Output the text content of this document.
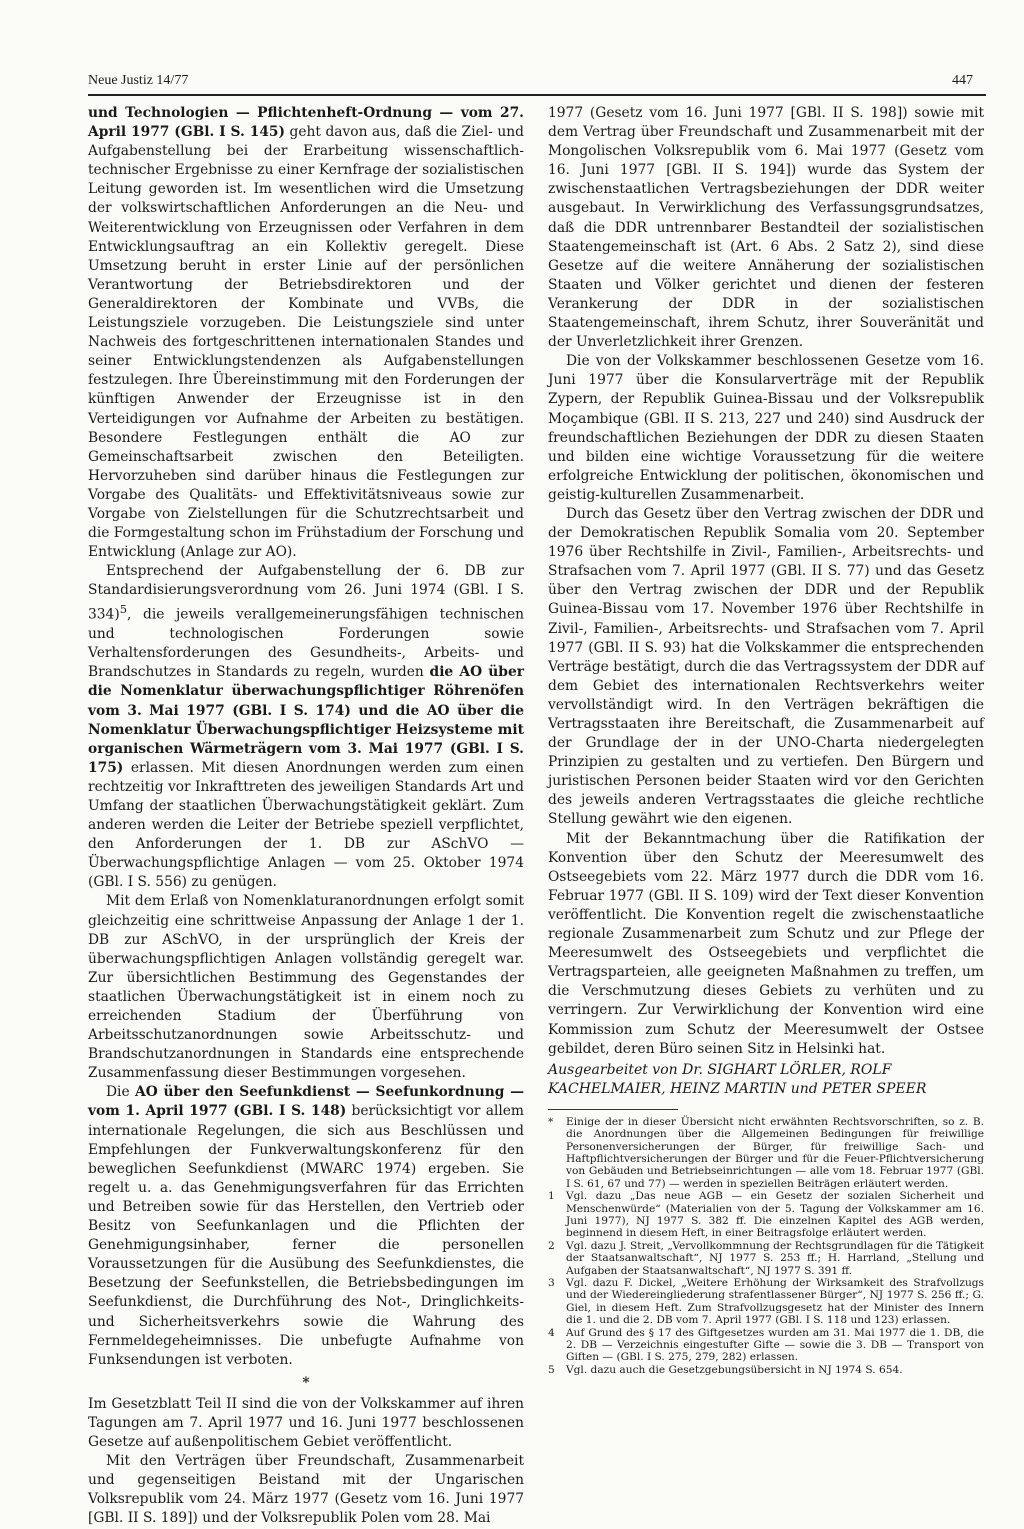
Neue Justiz 14/77	447

und Technologien — Pflichtenheft-Ordnung — vom 27. April 1977 (GBl. I S. 145) geht davon aus, daß die Ziel- und Aufgabenstellung bei der Erarbeitung wissenschaftlich-technischer Ergebnisse zu einer Kernfrage der sozialistischen Leitung geworden ist. Im wesentlichen wird die Umsetzung der volkswirtschaftlichen Anforderungen an die Neu- und Weiterentwicklung von Erzeugnissen oder Verfahren in dem Entwicklungsauftrag an ein Kollektiv geregelt. Diese Umsetzung beruht in erster Linie auf der persönlichen Verantwortung der Betriebsdirektoren und der Generaldirektoren der Kombinate und VVBs, die Leistungsziele vorzugeben. Die Leistungsziele sind unter Nachweis des fortgeschrittenen internationalen Standes und seiner Entwicklungstendenzen als Aufgabenstellungen festzulegen. Ihre Übereinstimmung mit den Forderungen der künftigen Anwender der Erzeugnisse ist in den Verteidigungen vor Aufnahme der Arbeiten zu bestätigen. Besondere Festlegungen enthält die AO zur Gemeinschaftsarbeit zwischen den Beteiligten. Hervorzuheben sind darüber hinaus die Festlegungen zur Vorgabe des Qualitäts- und Effektivitätsniveaus sowie zur Vorgabe von Zielstellungen für die Schutzrechtsarbeit und die Formgestaltung schon im Frühstadium der Forschung und Entwicklung (Anlage zur AO).

Entsprechend der Aufgabenstellung der 6. DB zur Standardisierungsverordnung vom 26. Juni 1974 (GBl. I S. 334)$^5$, die jeweils verallgemeinerungsfähigen technischen und technologischen Forderungen sowie Verhaltensforderungen des Gesundheits-, Arbeits- und Brandschutzes in Standards zu regeln, wurden die AO über die Nomenklatur überwachungspflichtiger Röhrenöfen vom 3. Mai 1977 (GBl. I S. 174) und die AO über die Nomenklatur Überwachungspflichtiger Heizsysteme mit organischen Wärmeträgern vom 3. Mai 1977 (GBl. I S. 175) erlassen. Mit diesen Anordnungen werden zum einen rechtzeitig vor Inkrafttreten des jeweiligen Standards Art und Umfang der staatlichen Überwachungstätigkeit geklärt. Zum anderen werden die Leiter der Betriebe speziell verpflichtet, den Anforderungen der 1. DB zur ASchVO — Überwachungspflichtige Anlagen — vom 25. Oktober 1974 (GBl. I S. 556) zu genügen.

Mit dem Erlaß von Nomenklaturanordnungen erfolgt somit gleichzeitig eine schrittweise Anpassung der Anlage 1 der 1. DB zur ASchVO, in der ursprünglich der Kreis der überwachungspflichtigen Anlagen vollständig geregelt war. Zur übersichtlichen Bestimmung des Gegenstandes der staatlichen Überwachungstätigkeit ist in einem noch zu erreichenden Stadium der Überführung von Arbeitsschutzanordnungen sowie Arbeitsschutz- und Brandschutzanordnungen in Standards eine entsprechende Zusammenfassung dieser Bestimmungen vorgesehen.

Die AO über den Seefunkdienst — Seefunkordnung — vom 1. April 1977 (GBl. I S. 148) berücksichtigt vor allem internationale Regelungen, die sich aus Beschlüssen und Empfehlungen der Funkverwaltungskonferenz für den beweglichen Seefunkdienst (MWARC 1974) ergeben. Sie regelt u. a. das Genehmigungsverfahren für das Errichten und Betreiben sowie für das Herstellen, den Vertrieb oder Besitz von Seefunkanlagen und die Pflichten der Genehmigungsinhaber, ferner die personellen Voraussetzungen für die Ausübung des Seefunkdienstes, die Besetzung der Seefunkstellen, die Betriebsbedingungen im Seefunkdienst, die Durchführung des Not-, Dringlichkeits- und Sicherheitsverkehrs sowie die Wahrung des Fernmeldegeheimnisses. Die unbefugte Aufnahme von Funksendungen ist verboten.

*

Im Gesetzblatt Teil II sind die von der Volkskammer auf ihren Tagungen am 7. April 1977 und 16. Juni 1977 beschlossenen Gesetze auf außenpolitischem Gebiet veröffentlicht.

Mit den Verträgen über Freundschaft, Zusammenarbeit und gegenseitigen Beistand mit der Ungarischen Volksrepublik vom 24. März 1977 (Gesetz vom 16. Juni 1977 [GBl. II S. 189]) und der Volksrepublik Polen vom 28. Mai

1977 (Gesetz vom 16. Juni 1977 [GBl. II S. 198]) sowie mit dem Vertrag über Freundschaft und Zusammenarbeit mit der Mongolischen Volksrepublik vom 6. Mai 1977 (Gesetz vom 16. Juni 1977 [GBl. II S. 194]) wurde das System der zwischenstaatlichen Vertragsbeziehungen der DDR weiter ausgebaut. In Verwirklichung des Verfassungsgrundsatzes, daß die DDR untrennbarer Bestandteil der sozialistischen Staatengemeinschaft ist (Art. 6 Abs. 2 Satz 2), sind diese Gesetze auf die weitere Annäherung der sozialistischen Staaten und Völker gerichtet und dienen der festeren Verankerung der DDR in der sozialistischen Staatengemeinschaft, ihrem Schutz, ihrer Souveränität und der Unverletzlichkeit ihrer Grenzen.

Die von der Volkskammer beschlossenen Gesetze vom 16. Juni 1977 über die Konsularverträge mit der Republik Zypern, der Republik Guinea-Bissau und der Volksrepublik Moçambique (GBl. II S. 213, 227 und 240) sind Ausdruck der freundschaftlichen Beziehungen der DDR zu diesen Staaten und bilden eine wichtige Voraussetzung für die weitere erfolgreiche Entwicklung der politischen, ökonomischen und geistig-kulturellen Zusammenarbeit.

Durch das Gesetz über den Vertrag zwischen der DDR und der Demokratischen Republik Somalia vom 20. September 1976 über Rechtshilfe in Zivil-, Familien-, Arbeitsrechts- und Strafsachen vom 7. April 1977 (GBl. II S. 77) und das Gesetz über den Vertrag zwischen der DDR und der Republik Guinea-Bissau vom 17. November 1976 über Rechtshilfe in Zivil-, Familien-, Arbeitsrechts- und Strafsachen vom 7. April 1977 (GBl. II S. 93) hat die Volkskammer die entsprechenden Verträge bestätigt, durch die das Vertragssystem der DDR auf dem Gebiet des internationalen Rechtsverkehrs weiter vervollständigt wird. In den Verträgen bekräftigen die Vertragsstaaten ihre Bereitschaft, die Zusammenarbeit auf der Grundlage der in der UNO-Charta niedergelegten Prinzipien zu gestalten und zu vertiefen. Den Bürgern und juristischen Personen beider Staaten wird vor den Gerichten des jeweils anderen Vertragsstaates die gleiche rechtliche Stellung gewährt wie den eigenen.

Mit der Bekanntmachung über die Ratifikation der Konvention über den Schutz der Meeresumwelt des Ostseegebiets vom 22. März 1977 durch die DDR vom 16. Februar 1977 (GBl. II S. 109) wird der Text dieser Konvention veröffentlicht. Die Konvention regelt die zwischenstaatliche regionale Zusammenarbeit zum Schutz und zur Pflege der Meeresumwelt des Ostseegebiets und verpflichtet die Vertragsparteien, alle geeigneten Maßnahmen zu treffen, um die Verschmutzung dieses Gebiets zu verhüten und zu verringern. Zur Verwirklichung der Konvention wird eine Kommission zum Schutz der Meeresumwelt der Ostsee gebildet, deren Büro seinen Sitz in Helsinki hat.

Ausgearbeitet von Dr. SIGHART LÖRLER, ROLF KACHELMAIER, HEINZ MARTIN und PETER SPEER
*	Einige der in dieser Übersicht nicht erwähnten Rechtsvorschriften, so z. B. die Anordnungen über die Allgemeinen Bedingungen für freiwillige Personenversicherungen der Bürger, für freiwillige Sach- und Haftpflichtversicherungen der Bürger und für die Feuer-Pflichtversicherung von Gebäuden und Betriebseinrichtungen — alle vom 18. Februar 1977 (GBl. I S. 61, 67 und 77) — werden in speziellen Beiträgen erläutert werden.
1	Vgl. dazu „Das neue AGB — ein Gesetz der sozialen Sicherheit und Menschenwürde“ (Materialien von der 5. Tagung der Volkskammer am 16. Juni 1977), NJ 1977 S. 382 ff. Die einzelnen Kapitel des AGB werden, beginnend in diesem Heft, in einer Beitragsfolge erläutert werden.
2	Vgl. dazu J. Streit, „Vervollkommnung der Rechtsgrundlagen für die Tätigkeit der Staatsanwaltschaft“, NJ 1977 S. 253 ff.; H. Harrland, „Stellung und Aufgaben der Staatsanwaltschaft“, NJ 1977 S. 391 ff.
3	Vgl. dazu F. Dickel, „Weitere Erhöhung der Wirksamkeit des Strafvollzugs und der Wiedereingliederung strafentlassener Bürger“, NJ 1977 S. 256 ff.; G. Giel, in diesem Heft. Zum Strafvollzugsgesetz hat der Minister des Innern die 1. und die 2. DB vom 7. April 1977 (GBl. I S. 118 und 123) erlassen.
4	Auf Grund des § 17 des Giftgesetzes wurden am 31. Mai 1977 die 1. DB, die 2. DB — Verzeichnis eingestufter Gifte — sowie die 3. DB — Transport von Giften — (GBl. I S. 275, 279, 282) erlassen.
5	Vgl. dazu auch die Gesetzgebungsübersicht in NJ 1974 S. 654.
